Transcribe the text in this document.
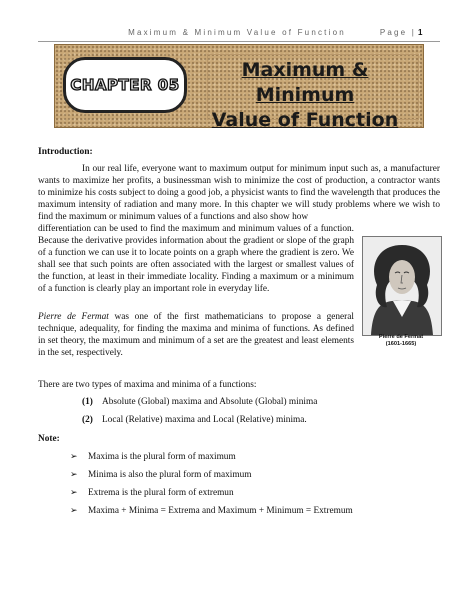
Maximum & Minimum Value of Function	Page | 1
CHAPTER 05
Maximum & Minimum
Value of Function
Introduction:
In our real life, everyone want to maximum output for minimum input such as, a manufacturer wants to maximize her profits, a businessman wish to minimize the cost of production, a contractor wants to minimize his costs subject to doing a good job, a physicist wants to find the wavelength that produces the maximum intensity of radiation and many more. In this chapter we will study problems where we wish to find the maximum or minimum values of a functions and also show how
differentiation can be used to find the maximum and minimum values of a function. Because the derivative provides information about the gradient or slope of the graph of a function we can use it to locate points on a graph where the gradient is zero. We shall see that such points are often associated with the largest or smallest values of the function, at least in their immediate locality. Finding a maximum or a minimum of a function is clearly play an important role in everyday life.
Pierre de Fermat was one of the first mathematicians to propose a general technique, adequality, for finding the maxima and minima of functions. As defined in set theory, the maximum and minimum of a set are the greatest and least elements in the set, respectively.
Pierre de Fermat
(1601-1665)
There are two types of maxima and minima of a functions:
(1) Absolute (Global) maxima and Absolute (Global) minima
(2) Local (Relative) maxima and Local (Relative) minima.
Note:
➢ Maxima is the plural form of maximum
➢ Minima is also the plural form of maximum
➢ Extrema is the plural form of extremun
➢ Maxima + Minima = Extrema and Maximum + Minimum = Extremum
